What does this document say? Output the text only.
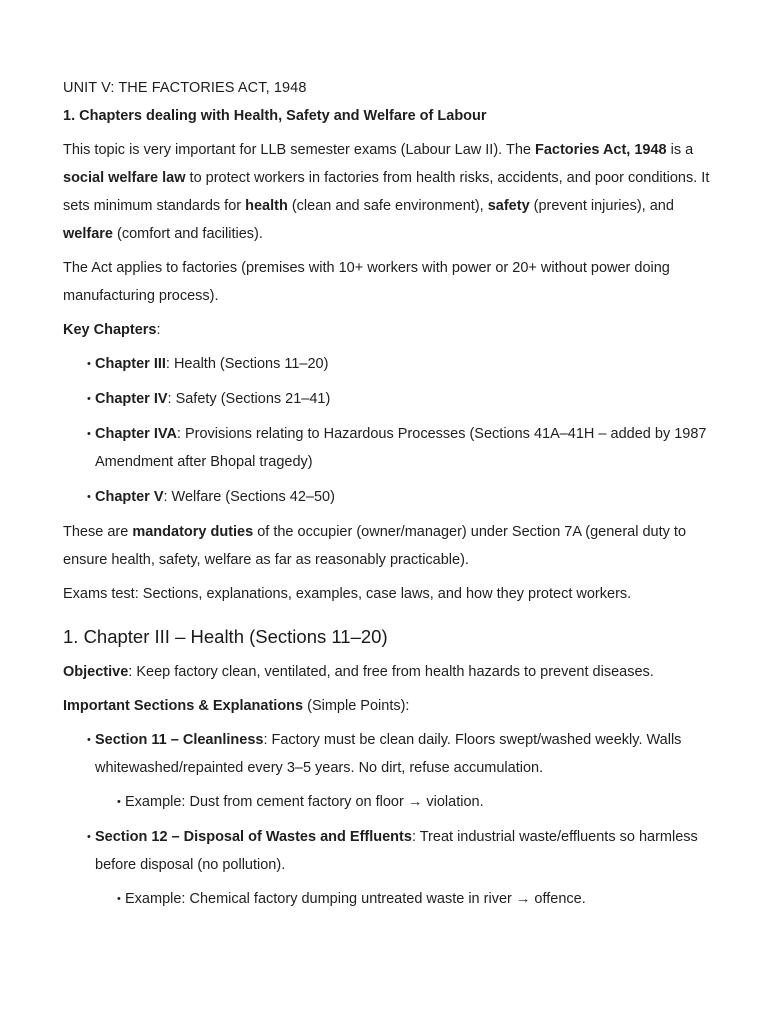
UNIT V: THE FACTORIES ACT, 1948
1. Chapters dealing with Health, Safety and Welfare of Labour

This topic is very important for LLB semester exams (Labour Law II). The Factories Act, 1948 is a social welfare law to protect workers in factories from health risks, accidents, and poor conditions. It sets minimum standards for health (clean and safe environment), safety (prevent injuries), and welfare (comfort and facilities).

The Act applies to factories (premises with 10+ workers with power or 20+ without power doing manufacturing process).

Key Chapters:

• Chapter III: Health (Sections 11–20)
• Chapter IV: Safety (Sections 21–41)
• Chapter IVA: Provisions relating to Hazardous Processes (Sections 41A–41H – added by 1987 Amendment after Bhopal tragedy)
• Chapter V: Welfare (Sections 42–50)

These are mandatory duties of the occupier (owner/manager) under Section 7A (general duty to ensure health, safety, welfare as far as reasonably practicable).

Exams test: Sections, explanations, examples, case laws, and how they protect workers.

1. Chapter III – Health (Sections 11–20)

Objective: Keep factory clean, ventilated, and free from health hazards to prevent diseases.

Important Sections & Explanations (Simple Points):

• Section 11 – Cleanliness: Factory must be clean daily. Floors swept/washed weekly. Walls whitewashed/repainted every 3–5 years. No dirt, refuse accumulation.
• Example: Dust from cement factory on floor → violation.
• Section 12 – Disposal of Wastes and Effluents: Treat industrial waste/effluents so harmless before disposal (no pollution).
• Example: Chemical factory dumping untreated waste in river → offence.
